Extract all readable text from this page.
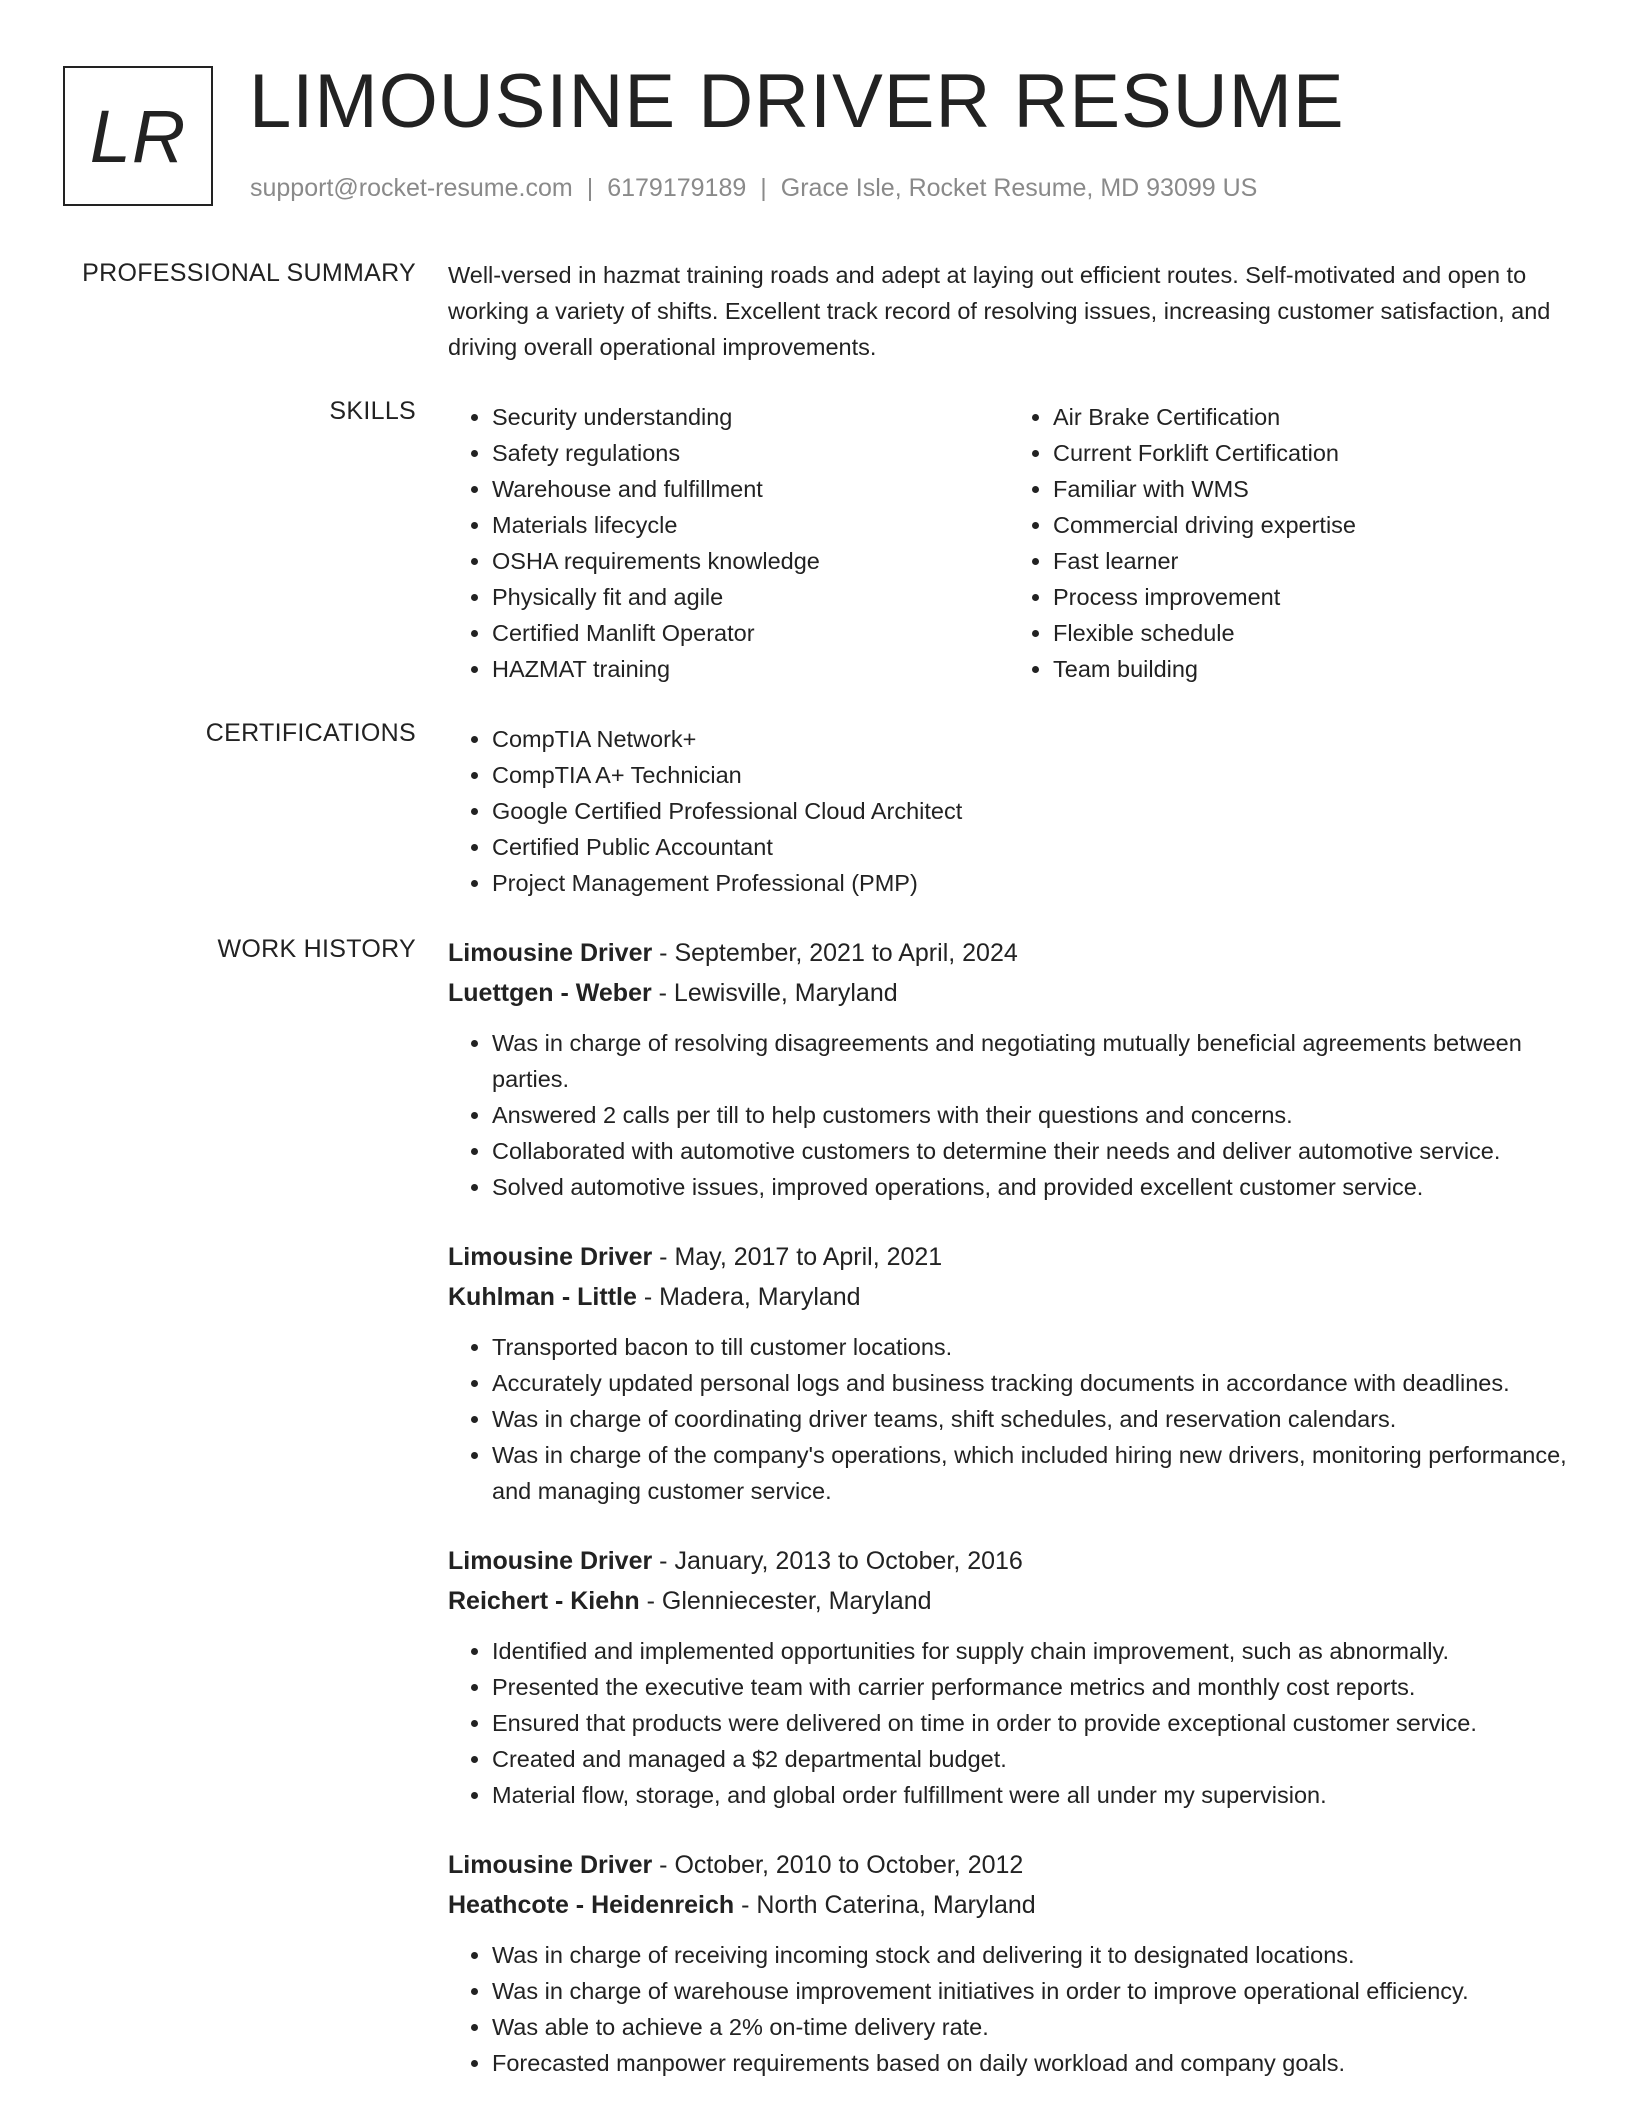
LR LIMOUSINE DRIVER RESUME
support@rocket-resume.com | 6179179189 | Grace Isle, Rocket Resume, MD 93099 US
PROFESSIONAL SUMMARY Well-versed in hazmat training roads and adept at laying out efficient routes. Self-motivated and open to working a variety of shifts. Excellent track record of resolving issues, increasing customer satisfaction, and driving overall operational improvements.

SKILLS	• Security understanding
• Safety regulations
• Warehouse and fulfillment
• Materials lifecycle
• OSHA requirements knowledge
• Physically fit and agile
• Certified Manlift Operator
• HAZMAT training
• Air Brake Certification
• Current Forklift Certification
• Familiar with WMS
• Commercial driving expertise
• Fast learner
• Process improvement
• Flexible schedule
• Team building
CERTIFICATIONS	• CompTIA Network+
• CompTIA A+ Technician
• Google Certified Professional Cloud Architect
• Certified Public Accountant
• Project Management Professional (PMP)
WORK HISTORY Limousine Driver - September, 2021 to April, 2024
Luettgen - Weber - Lewisville, Maryland
• Was in charge of resolving disagreements and negotiating mutually beneficial agreements between parties.
• Answered 2 calls per till to help customers with their questions and concerns.
• Collaborated with automotive customers to determine their needs and deliver automotive service.
• Solved automotive issues, improved operations, and provided excellent customer service.
Limousine Driver - May, 2017 to April, 2021
Kuhlman - Little - Madera, Maryland
• Transported bacon to till customer locations.
• Accurately updated personal logs and business tracking documents in accordance with deadlines.
• Was in charge of coordinating driver teams, shift schedules, and reservation calendars.
• Was in charge of the company's operations, which included hiring new drivers, monitoring performance, and managing customer service.
Limousine Driver - January, 2013 to October, 2016
Reichert - Kiehn - Glenniecester, Maryland
• Identified and implemented opportunities for supply chain improvement, such as abnormally.
• Presented the executive team with carrier performance metrics and monthly cost reports.
• Ensured that products were delivered on time in order to provide exceptional customer service.
• Created and managed a $2 departmental budget.
• Material flow, storage, and global order fulfillment were all under my supervision.
Limousine Driver - October, 2010 to October, 2012
Heathcote - Heidenreich - North Caterina, Maryland
• Was in charge of receiving incoming stock and delivering it to designated locations.
• Was in charge of warehouse improvement initiatives in order to improve operational efficiency.
• Was able to achieve a 2% on-time delivery rate.
• Forecasted manpower requirements based on daily workload and company goals.
